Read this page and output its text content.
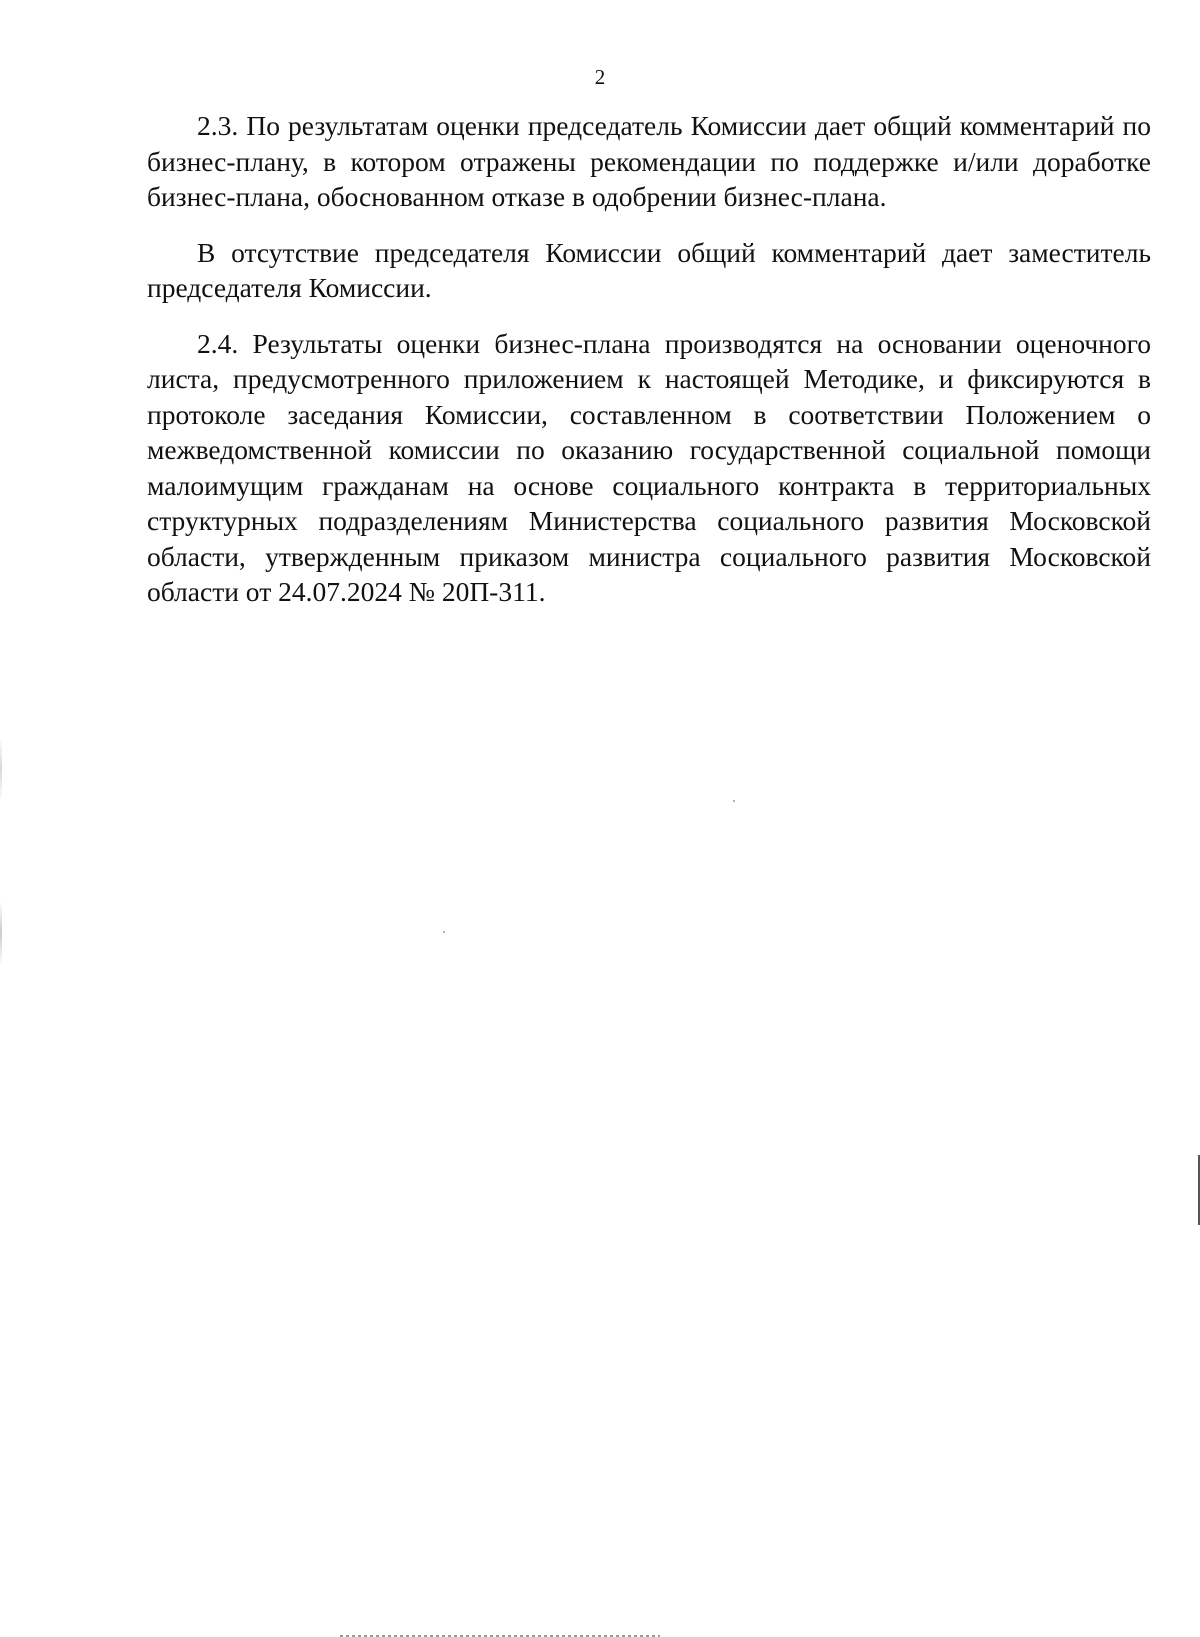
2

2.3. По результатам оценки председатель Комиссии дает общий комментарий по бизнес-плану, в котором отражены рекомендации по поддержке и/или доработке бизнес-плана, обоснованном отказе в одобрении бизнес-плана.

В отсутствие председателя Комиссии общий комментарий дает заместитель председателя Комиссии.

2.4. Результаты оценки бизнес-плана производятся на основании оценочного листа, предусмотренного приложением к настоящей Методике, и фиксируются в протоколе заседания Комиссии, составленном в соответствии Положением о межведомственной комиссии по оказанию государственной социальной помощи малоимущим гражданам на основе социального контракта в территориальных структурных подразделениям Министерства социального развития Московской области, утвержденным приказом министра социального развития Московской области от 24.07.2024 № 20П-311.
